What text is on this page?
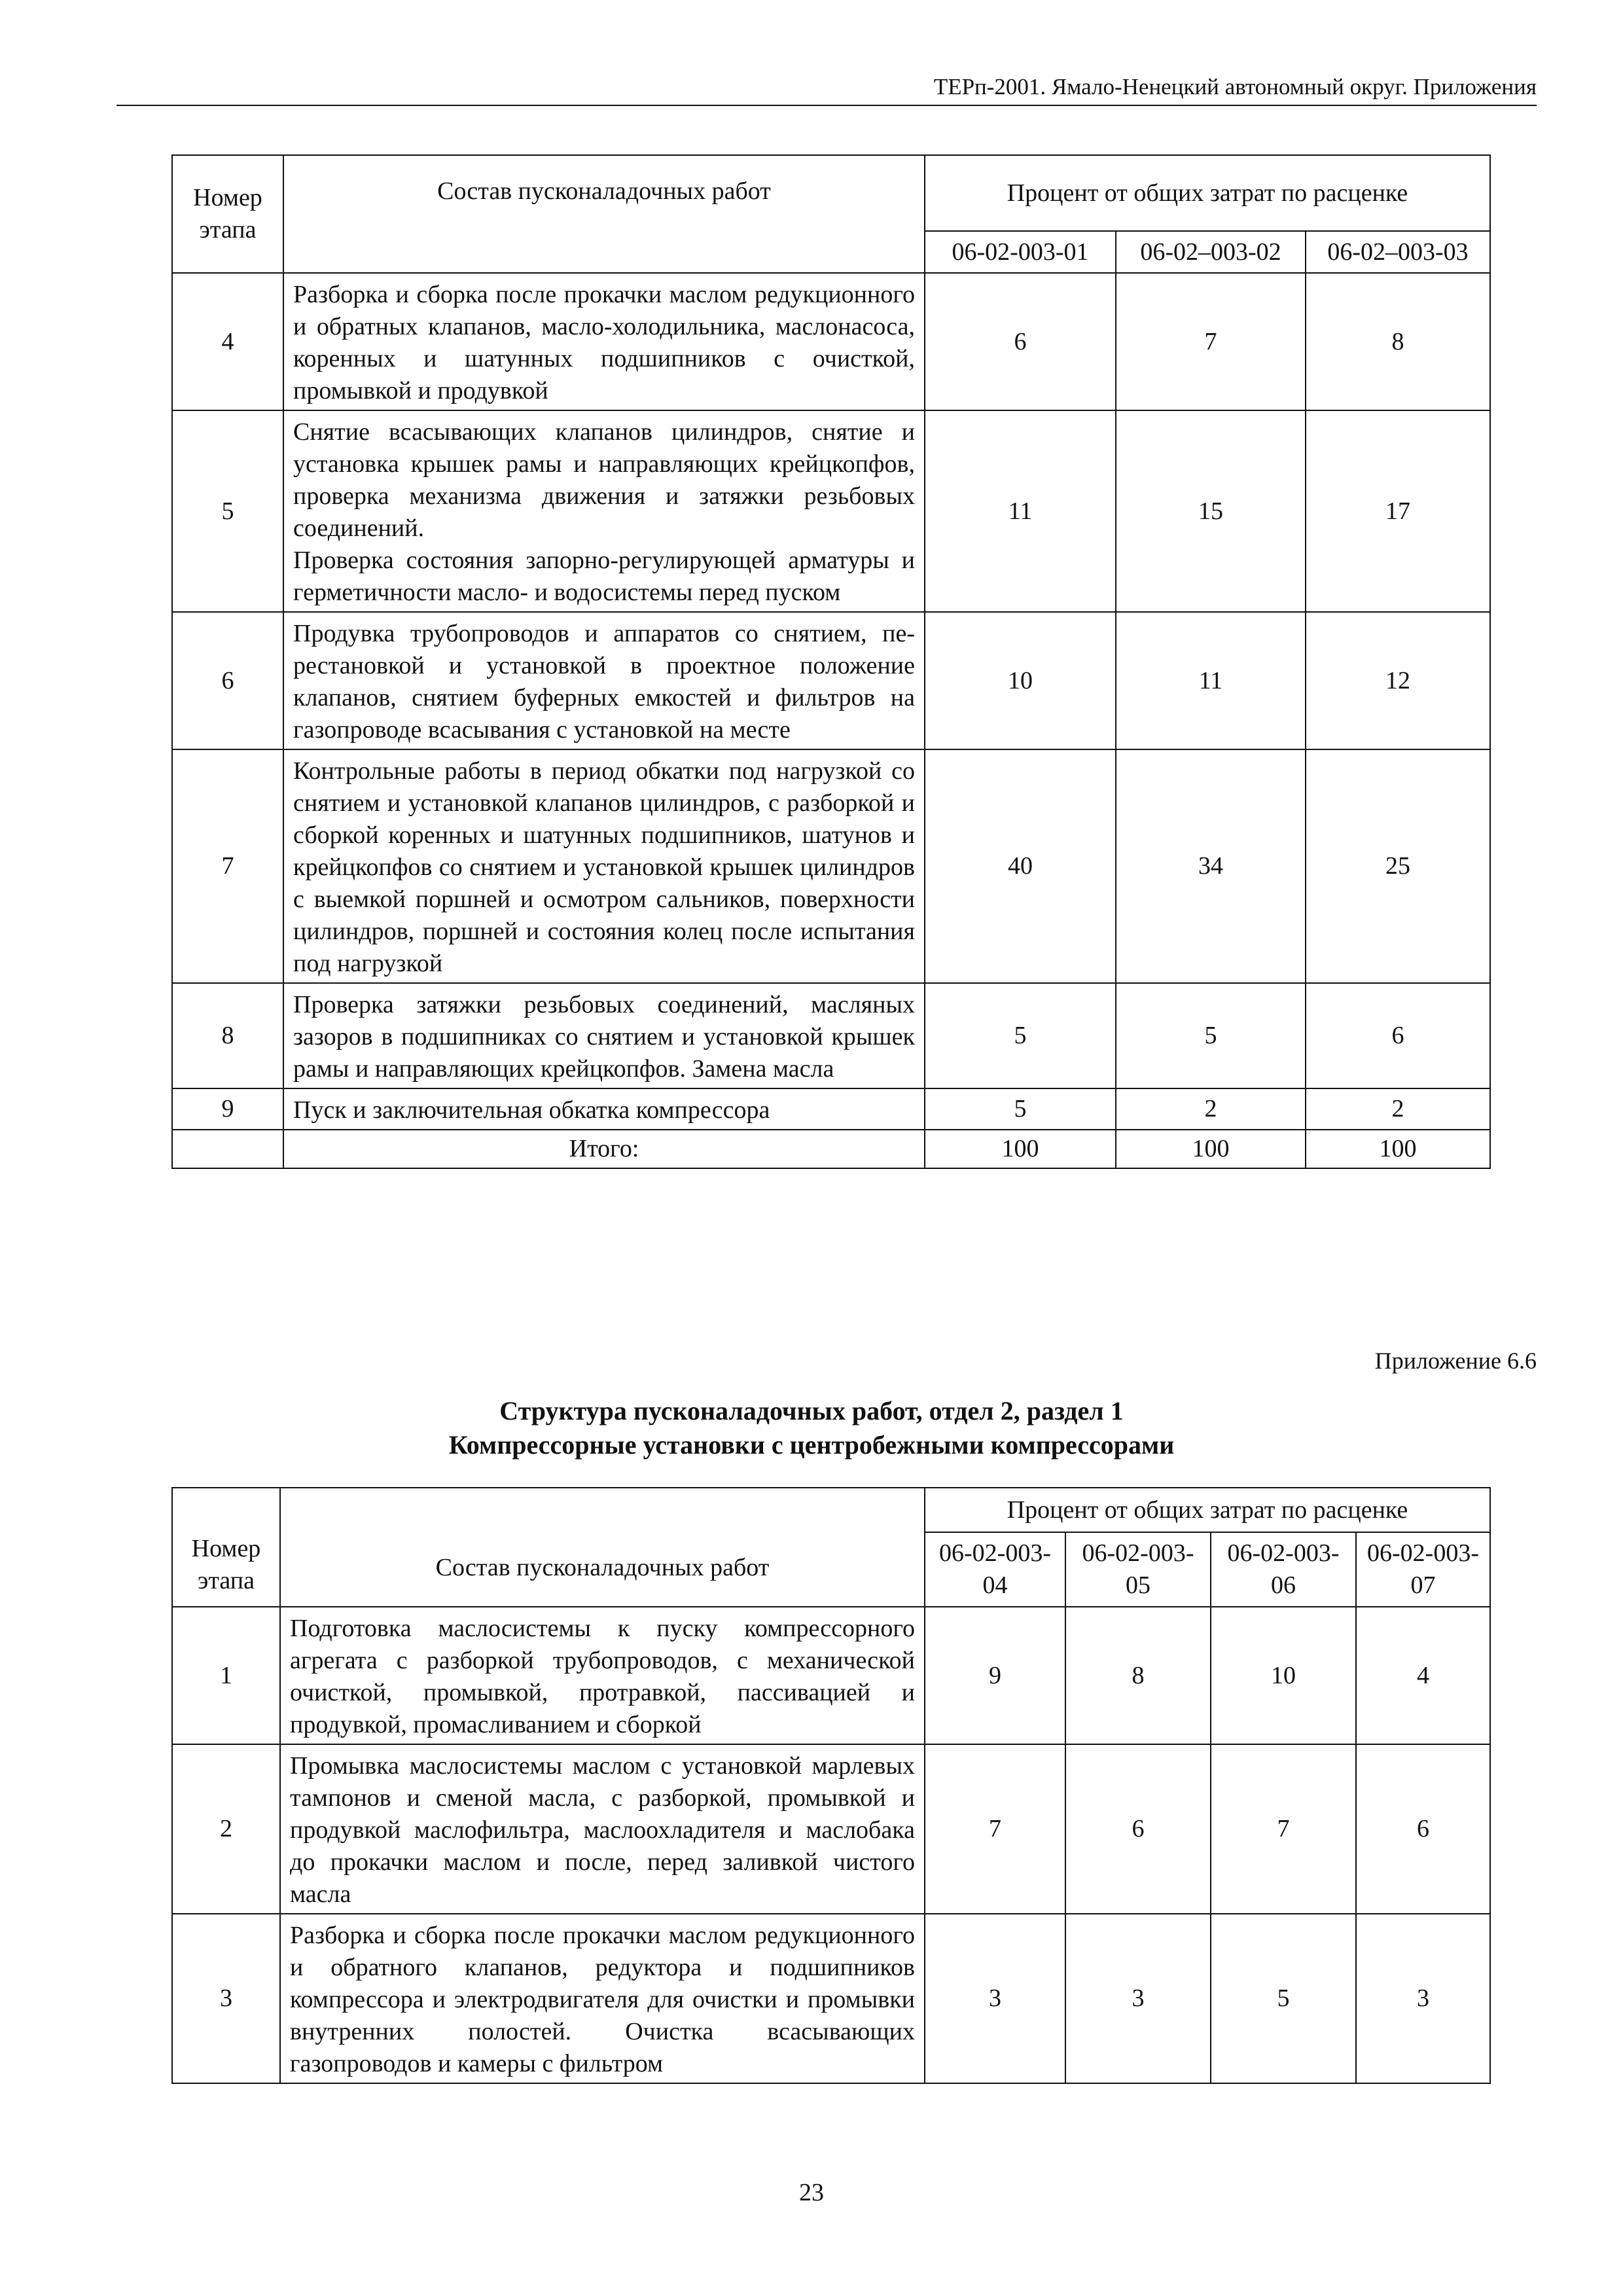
ТЕРп-2001. Ямало-Ненецкий автономный округ. Приложения
Номер этапа	Состав пусконаладочных работ	Процент от общих затрат по расценке		
		06-02-003-01	06-02–003-02	06-02–003-03
4	Разборка и сборка после прокачки маслом редукционного и обратных клапанов, масло-холодильника, маслонасоса, коренных и шатунных подшипников с очисткой, промывкой и продувкой	6	7	8
5	Снятие всасывающих клапанов цилиндров, снятие и установка крышек рамы и направляющих крейцкопфов, проверка механизма движения и затяжки резьбовых соединений.
Проверка состояния запорно-регулирующей арматуры и герметичности масло- и водосистемы перед пуском	11	15	17
6	Продувка трубопроводов и аппаратов со снятием, перестановкой и установкой в проектное положение клапанов, снятием буферных емкостей и фильтров на газопроводе всасывания с установкой на месте	10	11	12
7	Контрольные работы в период обкатки под нагрузкой со снятием и установкой клапанов цилиндров, с разборкой и сборкой коренных и шатунных подшипников, шатунов и крейцкопфов со снятием и установкой крышек цилиндров с выемкой поршней и осмотром сальников, поверхности цилиндров, поршней и состояния колец после испытания под нагрузкой	40	34	25
8	Проверка затяжки резьбовых соединений, масляных зазоров в подшипниках со снятием и установкой крышек рамы и направляющих крейцкопфов. Замена масла	5	5	6
9	Пуск и заключительная обкатка компрессора	5	2	2
	Итого:	100	100	100
Приложение 6.6
Структура пусконаладочных работ, отдел 2, раздел 1
Компрессорные установки с центробежными компрессорами
Номер этапа	Состав пусконаладочных работ	Процент от общих затрат по расценке			
		06-02-003-04	06-02-003-05	06-02-003-06	06-02-003-07
1	Подготовка маслосистемы к пуску компрессорного агрегата с разборкой трубопроводов, с механической очисткой, промывкой, протравкой, пассивацией и продувкой, промасливанием и сборкой	9	8	10	4
2	Промывка маслосистемы маслом с установкой марлевых тампонов и сменой масла, с разборкой, промывкой и продувкой маслофильтра, маслоохладителя и маслобака до прокачки маслом и после, перед заливкой чистого масла	7	6	7	6
3	Разборка и сборка после прокачки маслом редукционного и обратного клапанов, редуктора и подшипников компрессора и электродвигателя для очистки и промывки внутренних полостей. Очистка всасывающих газопроводов и камеры с фильтром	3	3	5	3
23
